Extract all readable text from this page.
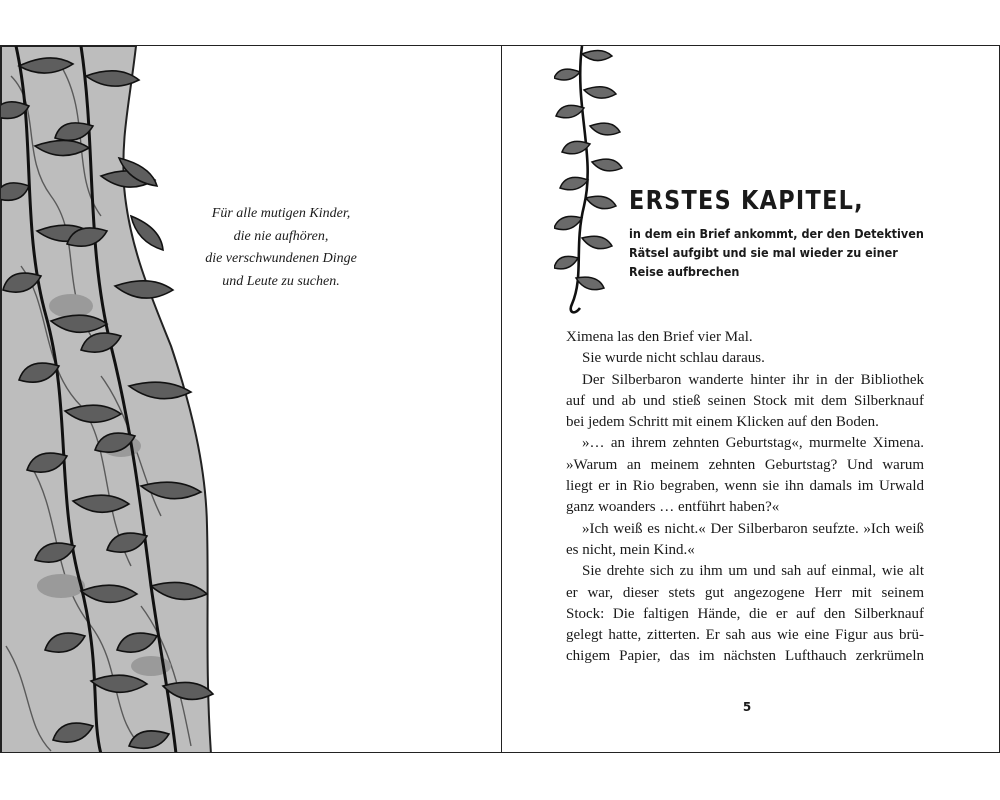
Für alle mutigen Kinder,
die nie aufhören,
die verschwundenen Dinge
und Leute zu suchen.
ERSTES KAPITEL,
in dem ein Brief ankommt, der den Detektiven
Rätsel aufgibt und sie mal wieder zu einer
Reise aufbrechen

Ximena las den Brief vier Mal.

Sie wurde nicht schlau daraus.

Der Silberbaron wanderte hinter ihr in der Bibliothek

auf und ab und stieß seinen Stock mit dem Silberknauf

bei jedem Schritt mit einem Klicken auf den Boden.

»… an ihrem zehnten Geburtstag«, murmelte Ximena.

»Warum an meinem zehnten Geburtstag? Und warum

liegt er in Rio begraben, wenn sie ihn damals im Urwald

ganz woanders … entführt haben?«

»Ich weiß es nicht.« Der Silberbaron seufzte. »Ich weiß

es nicht, mein Kind.«

Sie drehte sich zu ihm um und sah auf einmal, wie alt

er war, dieser stets gut angezogene Herr mit seinem

Stock: Die faltigen Hände, die er auf den Silberknauf

gelegt hatte, zitterten. Er sah aus wie eine Figur aus brü-

chigem Papier, das im nächsten Lufthauch zerkrümeln

5
